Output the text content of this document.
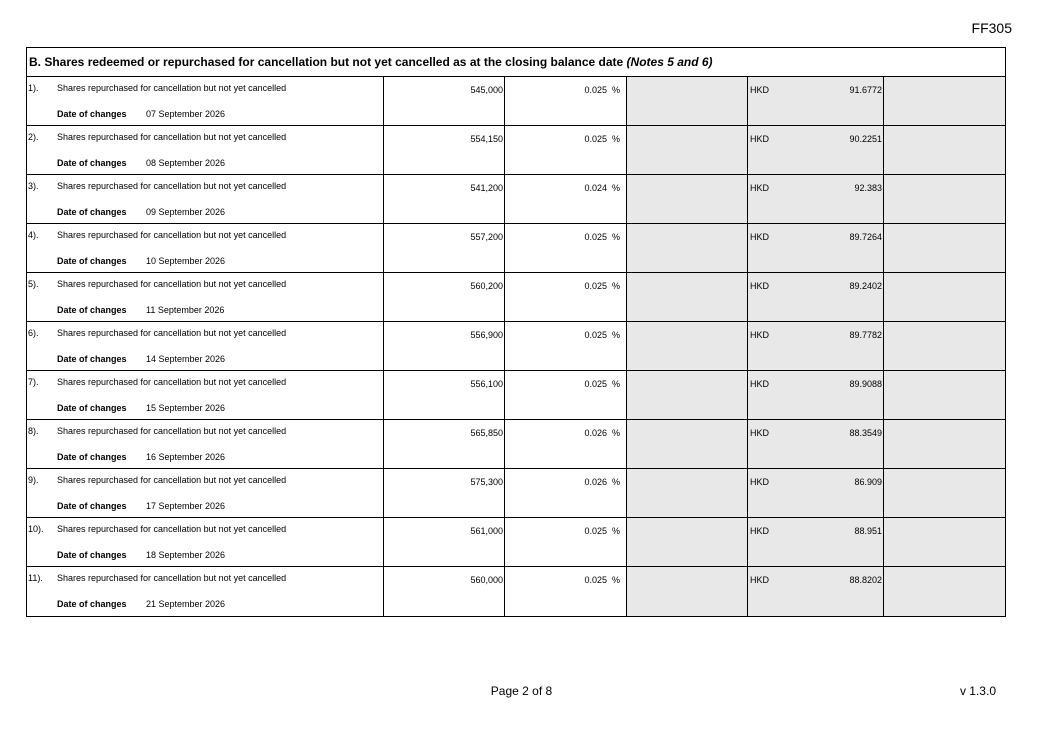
FF305
B. Shares redeemed or repurchased for cancellation but not yet cancelled as at the closing balance date (Notes 5 and 6)
1). Shares repurchased for cancellation but not yet cancelled
Date of changes 07 September 2026
545,000	0.025  %	HKD	91.6772
2). Shares repurchased for cancellation but not yet cancelled
Date of changes 08 September 2026
554,150	0.025  %	HKD	90.2251
3). Shares repurchased for cancellation but not yet cancelled
Date of changes 09 September 2026
541,200	0.024  %	HKD	92.383
4). Shares repurchased for cancellation but not yet cancelled
Date of changes 10 September 2026
557,200	0.025  %	HKD	89.7264
5). Shares repurchased for cancellation but not yet cancelled
Date of changes 11 September 2026
560,200	0.025  %	HKD	89.2402
6). Shares repurchased for cancellation but not yet cancelled
Date of changes 14 September 2026
556,900	0.025  %	HKD	89.7782
7). Shares repurchased for cancellation but not yet cancelled
Date of changes 15 September 2026
556,100	0.025  %	HKD	89.9088
8). Shares repurchased for cancellation but not yet cancelled
Date of changes 16 September 2026
565,850	0.026  %	HKD	88.3549
9). Shares repurchased for cancellation but not yet cancelled
Date of changes 17 September 2026
575,300	0.026  %	HKD	86.909
10). Shares repurchased for cancellation but not yet cancelled
Date of changes 18 September 2026
561,000	0.025  %	HKD	88.951
11). Shares repurchased for cancellation but not yet cancelled
Date of changes 21 September 2026
560,000	0.025  %	HKD	88.8202
Page 2 of 8	v 1.3.0
